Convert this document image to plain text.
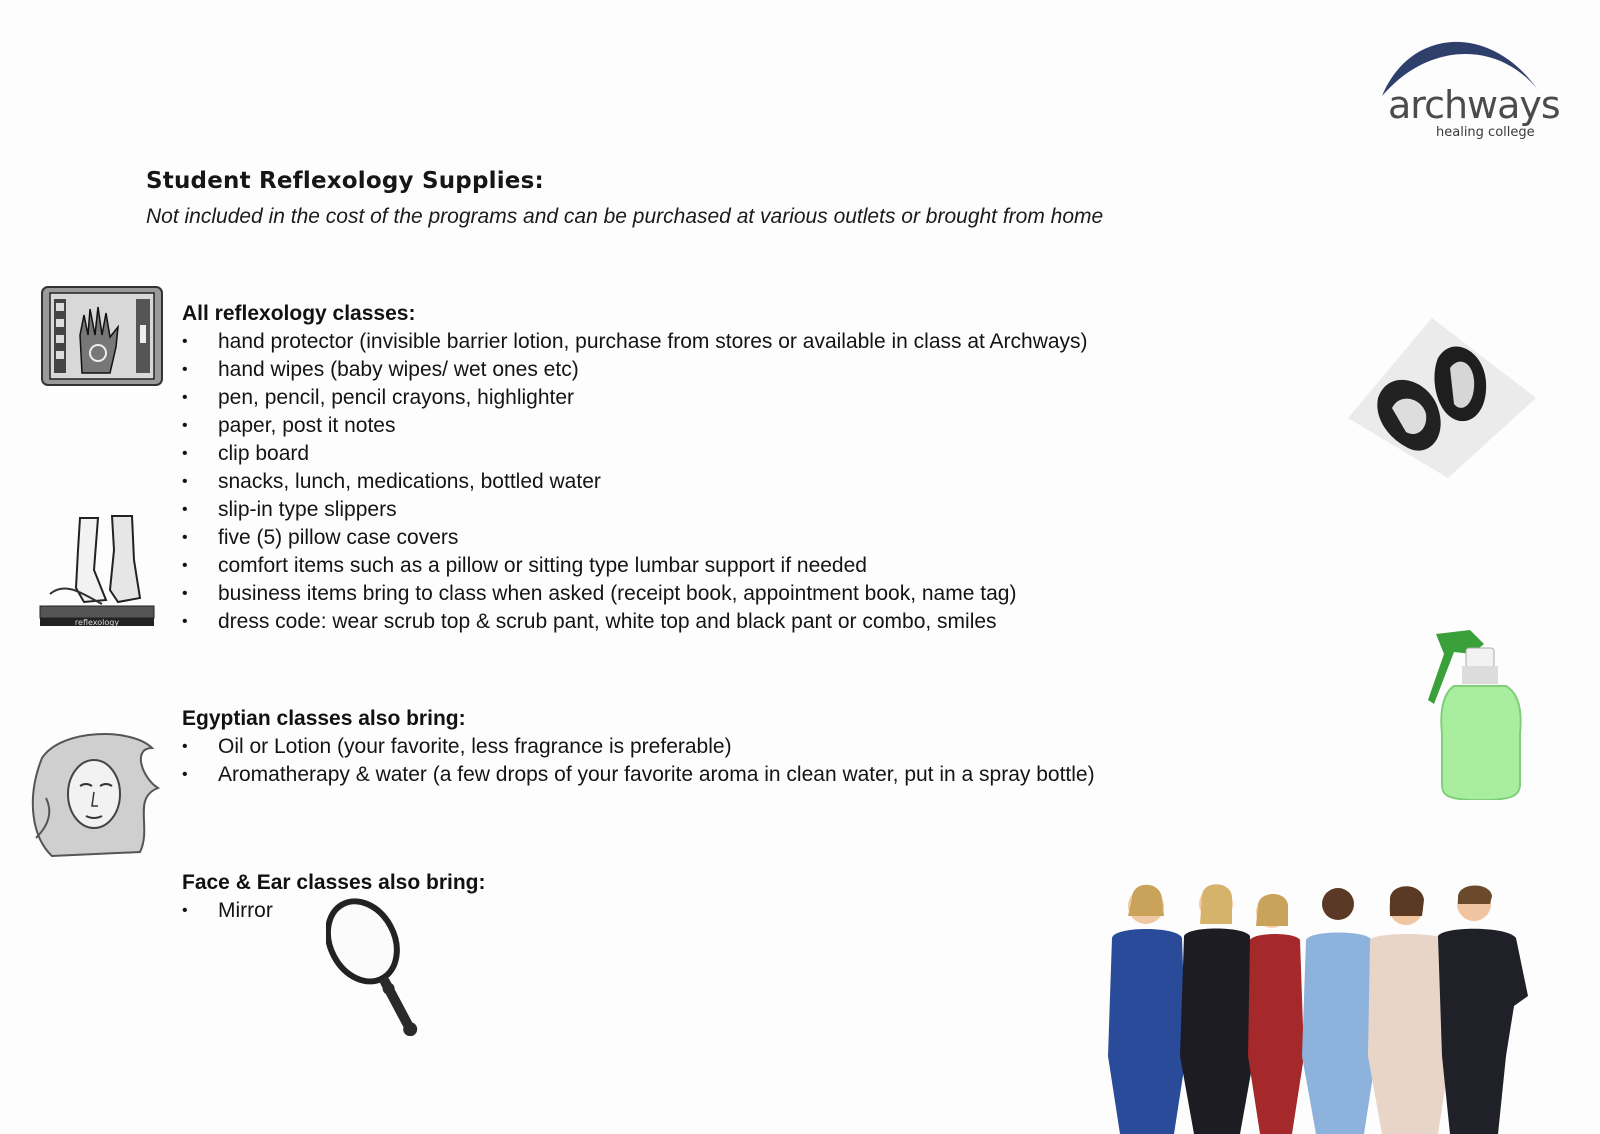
archways
healing college
Student Reflexology Supplies:
Not included in the cost of the programs and can be purchased at various outlets or brought from home
All reflexology classes:
• hand protector (invisible barrier lotion, purchase from stores or available in class at Archways)
• hand wipes (baby wipes/ wet ones etc)
• pen, pencil, pencil crayons, highlighter
• paper, post it notes
• clip board
• snacks, lunch, medications, bottled water
• slip-in type slippers
• five (5) pillow case covers
• comfort items such as a pillow or sitting type lumbar support if needed
• business items bring to class when asked (receipt book, appointment book, name tag)
• dress code: wear scrub top & scrub pant, white top and black pant or combo, smiles
Egyptian classes also bring:
• Oil or Lotion (your favorite, less fragrance is preferable)
• Aromatherapy & water (a few drops of your favorite aroma in clean water, put in a spray bottle)
Face & Ear classes also bring:
• Mirror
reflexology
